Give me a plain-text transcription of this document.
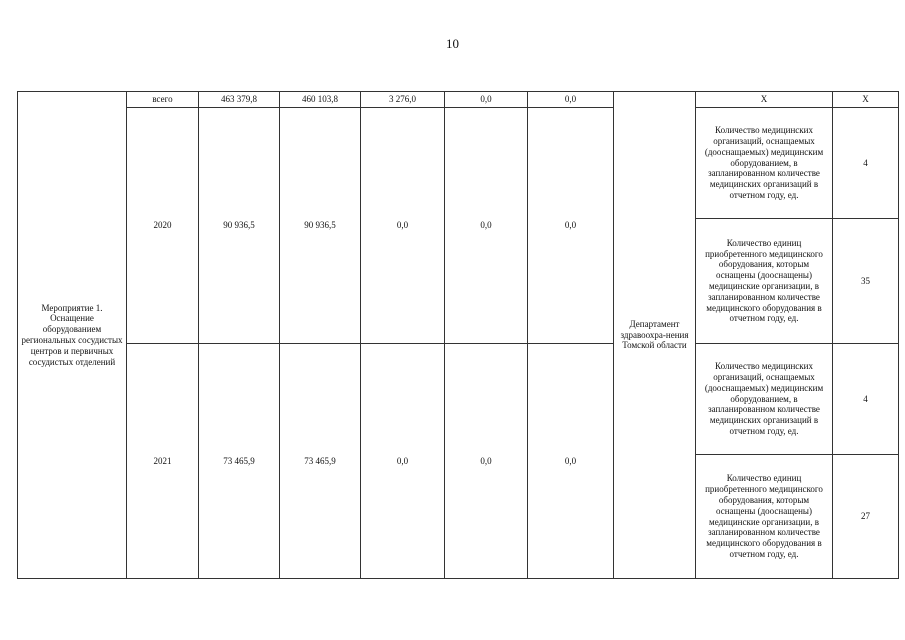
10
Мероприятие 1. Оснащение оборудованием региональных сосудистых центров и первичных сосудистых отделений	всего	463 379,8	460 103,8	3 276,0	0,0	0,0	Департамент здравоохра-нения Томской области	X	X
	2020	90 936,5	90 936,5	0,0	0,0	0,0		Количество медицинских организаций, оснащаемых (дооснащаемых) медицинским оборудованием, в запланированном количестве медицинских организаций в отчетном году, ед.	4
								Количество единиц приобретенного медицинского оборудования, которым оснащены (дооснащены) медицинские организации, в запланированном количестве медицинского оборудования в отчетном году, ед.	35
	2021	73 465,9	73 465,9	0,0	0,0	0,0		Количество медицинских организаций, оснащаемых (дооснащаемых) медицинским оборудованием, в запланированном количестве медицинских организаций в отчетном году, ед.	4
								Количество единиц приобретенного медицинского оборудования, которым оснащены (дооснащены) медицинские организации, в запланированном количестве медицинского оборудования в отчетном году, ед.	27
